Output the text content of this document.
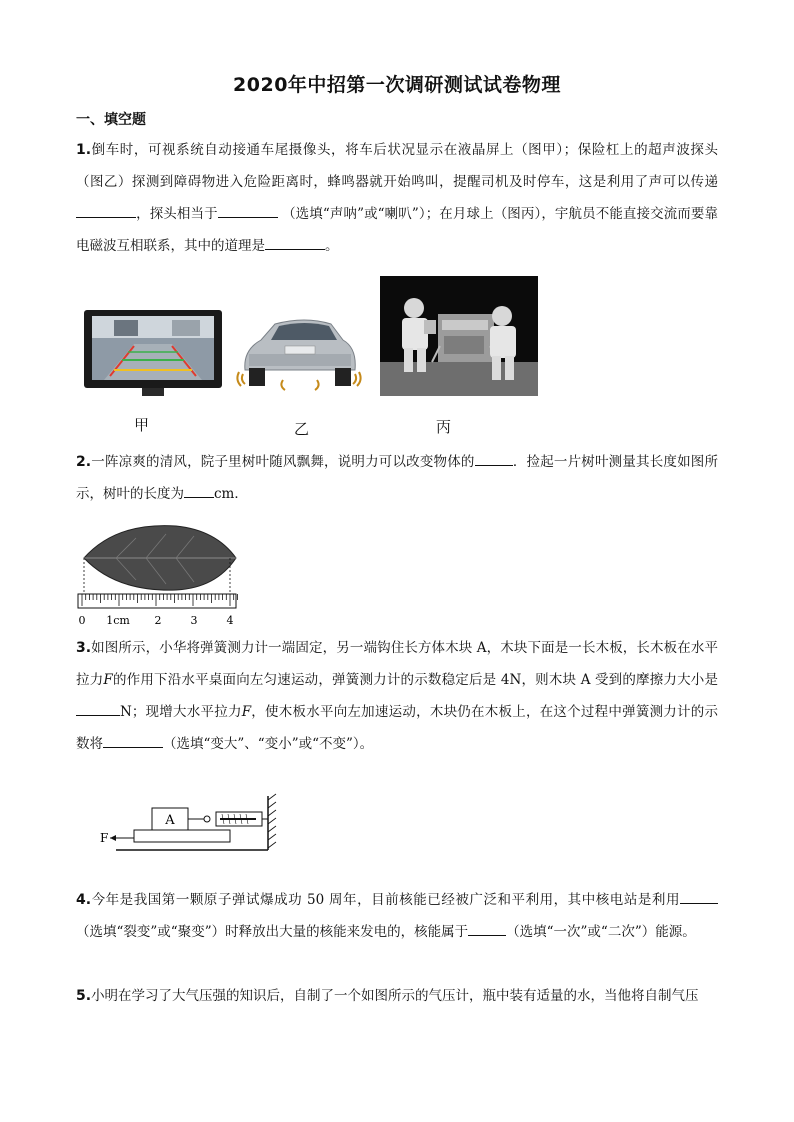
2020年中招第一次调研测试试卷物理
一、填空题
1.倒车时，可视系统自动接通车尾摄像头，将车后状况显示在液晶屏上（图甲）；保险杠上的超声波探头（图乙）探测到障碍物进入危险距离时，蜂鸣器就开始鸣叫，提醒司机及时停车，这是利用了声可以传递，探头相当于	（选填“声呐”或“喇叭”）；在月球上（图丙），宇航员不能直接交流而要靠电磁波互相联系，其中的道理是	。
甲	乙	丙
2.一阵凉爽的清风，院子里树叶随风飘舞，说明力可以改变物体的	．捡起一片树叶测量其长度如图所示，树叶的长度为 cm．
0 1cm 2	3	4
3.如图所示，小华将弹簧测力计一端固定，另一端钩住长方体木块 A，木块下面是一长木板，长木板在水平拉力F的作用下沿水平桌面向左匀速运动，弹簧测力计的示数稳定后是 4N，则木块 A 受到的摩擦力大小是N；现增大水平拉力F，使木板水平向左加速运动，木块仍在木板上，在这个过程中弹簧测力计的示数将	（选填“变大”、“变小”或“不变”）。
A
F
4.今年是我国第一颗原子弹试爆成功 50 周年，目前核能已经被广泛和平利用，其中核电站是利用（选填“裂变”或“聚变”）时释放出大量的核能来发电的，核能属于	（选填“一次”或“二次”）能源。
5.小明在学习了大气压强的知识后，自制了一个如图所示的气压计，瓶中装有适量的水，当他将自制气压
